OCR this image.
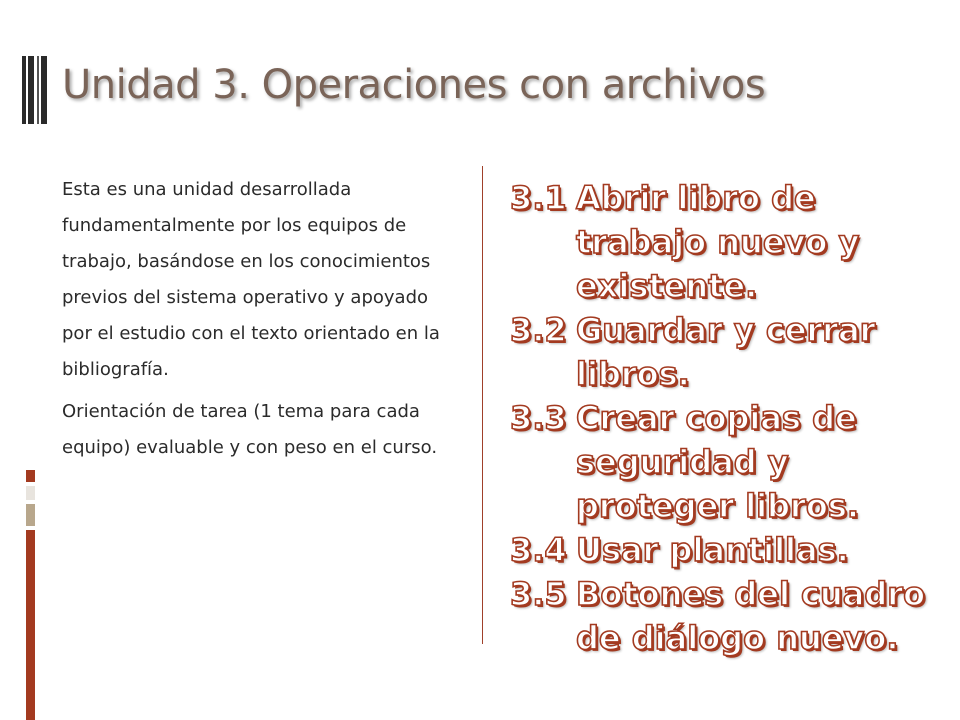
Unidad 3. Operaciones con archivos

Esta es una unidad desarrollada fundamentalmente por los equipos de trabajo, basándose en los conocimientos previos del sistema operativo y apoyado por el estudio con el texto orientado en la bibliografía.

Orientación de tarea (1 tema para cada equipo) evaluable y con peso en el curso.

3.1 Abrir libro de trabajo nuevo y existente.
3.2 Guardar y cerrar libros.
3.3 Crear copias de seguridad y proteger libros.
3.4 Usar plantillas.
3.5 Botones del cuadro de diálogo nuevo.
